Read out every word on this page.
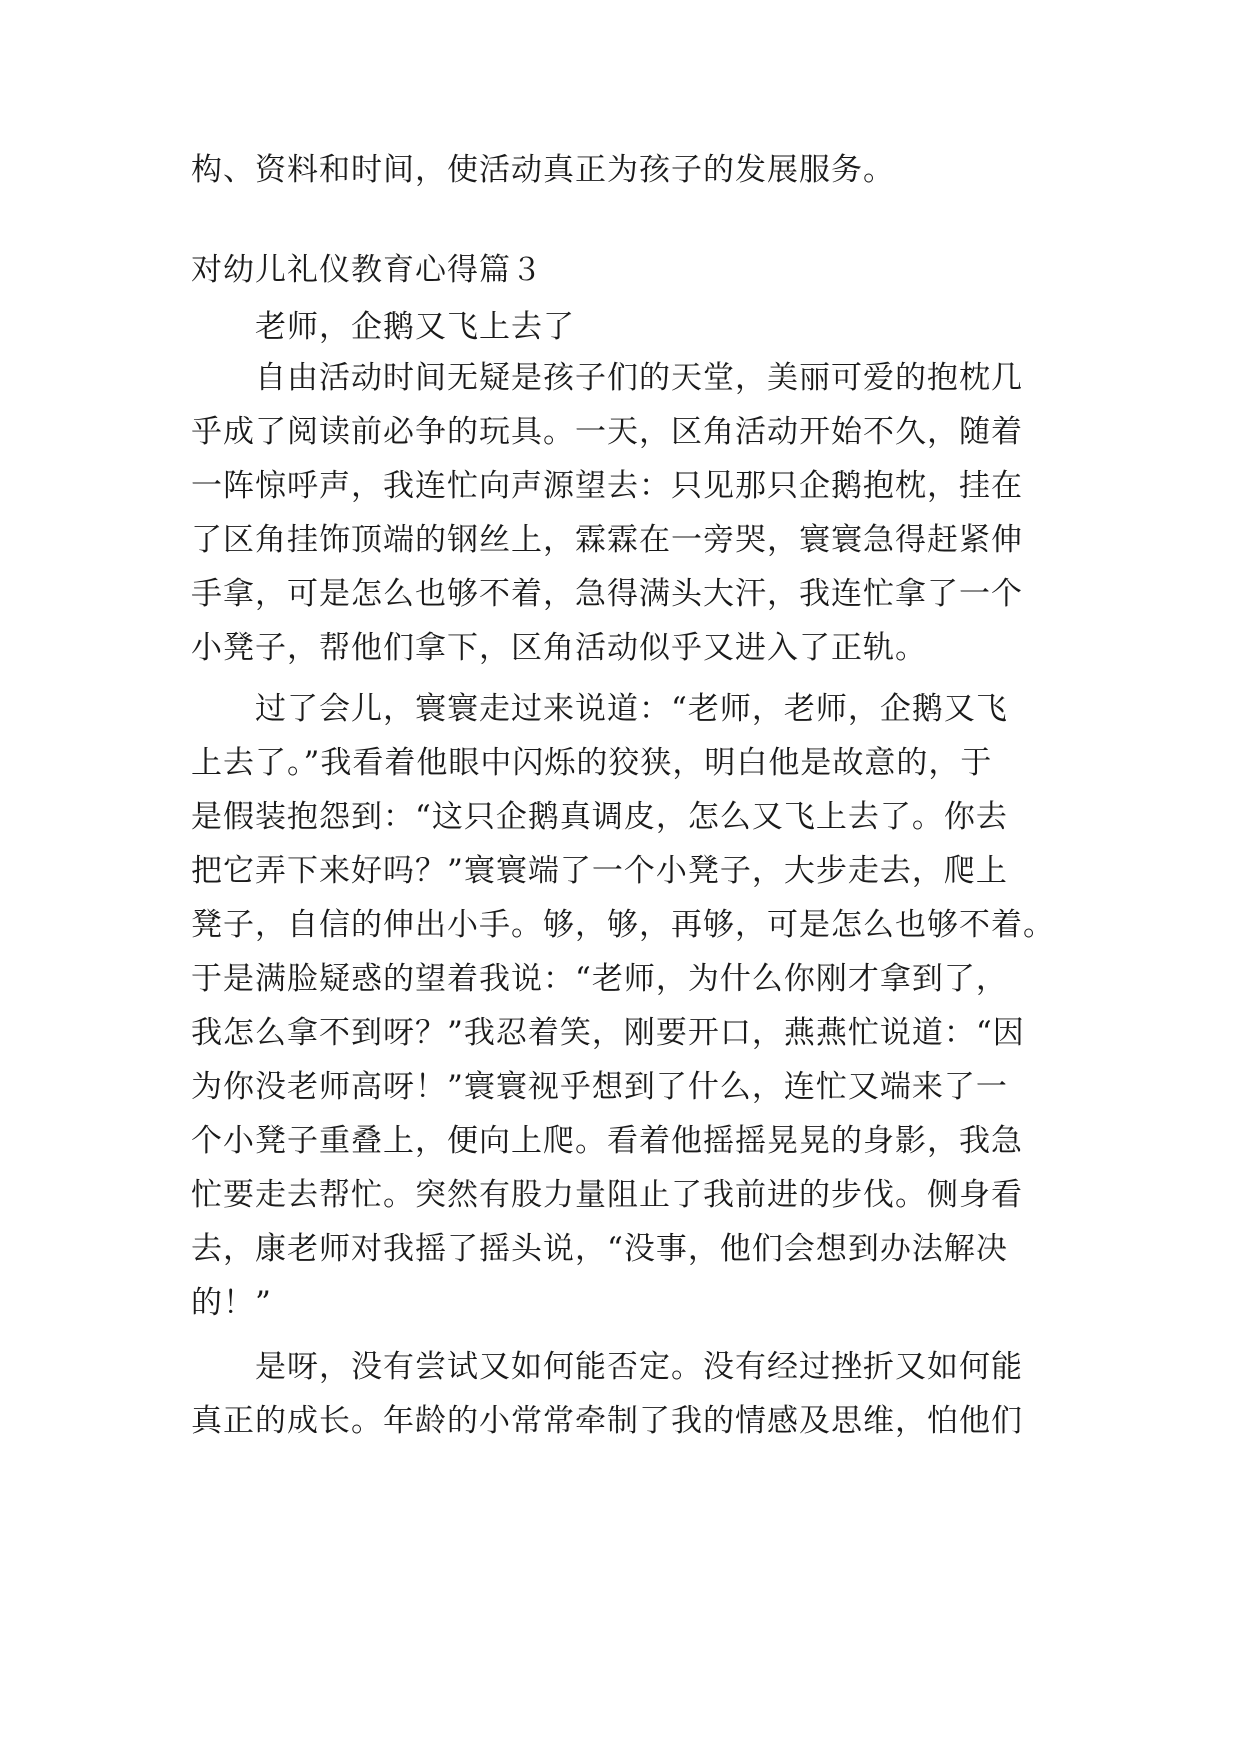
构、资料和时间，使活动真正为孩子的发展服务。
对幼儿礼仪教育心得篇３
老师，企鹅又飞上去了
自由活动时间无疑是孩子们的天堂，美丽可爱的抱枕几
乎成了阅读前必争的玩具。一天，区角活动开始不久，随着
一阵惊呼声，我连忙向声源望去：只见那只企鹅抱枕，挂在
了区角挂饰顶端的钢丝上，霖霖在一旁哭，寰寰急得赶紧伸
手拿，可是怎么也够不着，急得满头大汗，我连忙拿了一个
小凳子，帮他们拿下，区角活动似乎又进入了正轨。
过了会儿，寰寰走过来说道：“老师，老师，企鹅又飞
上去了。”我看着他眼中闪烁的狡狭，明白他是故意的，于
是假装抱怨到：“这只企鹅真调皮，怎么又飞上去了。你去
把它弄下来好吗？”寰寰端了一个小凳子，大步走去，爬上
凳子，自信的伸出小手。够，够，再够，可是怎么也够不着。
于是满脸疑惑的望着我说：“老师，为什么你刚才拿到了，
我怎么拿不到呀？”我忍着笑，刚要开口，燕燕忙说道：“因
为你没老师高呀！”寰寰视乎想到了什么，连忙又端来了一
个小凳子重叠上，便向上爬。看着他摇摇晃晃的身影，我急
忙要走去帮忙。突然有股力量阻止了我前进的步伐。侧身看
去，康老师对我摇了摇头说，“没事，他们会想到办法解决
的！”
是呀，没有尝试又如何能否定。没有经过挫折又如何能
真正的成长。年龄的小常常牵制了我的情感及思维，怕他们
